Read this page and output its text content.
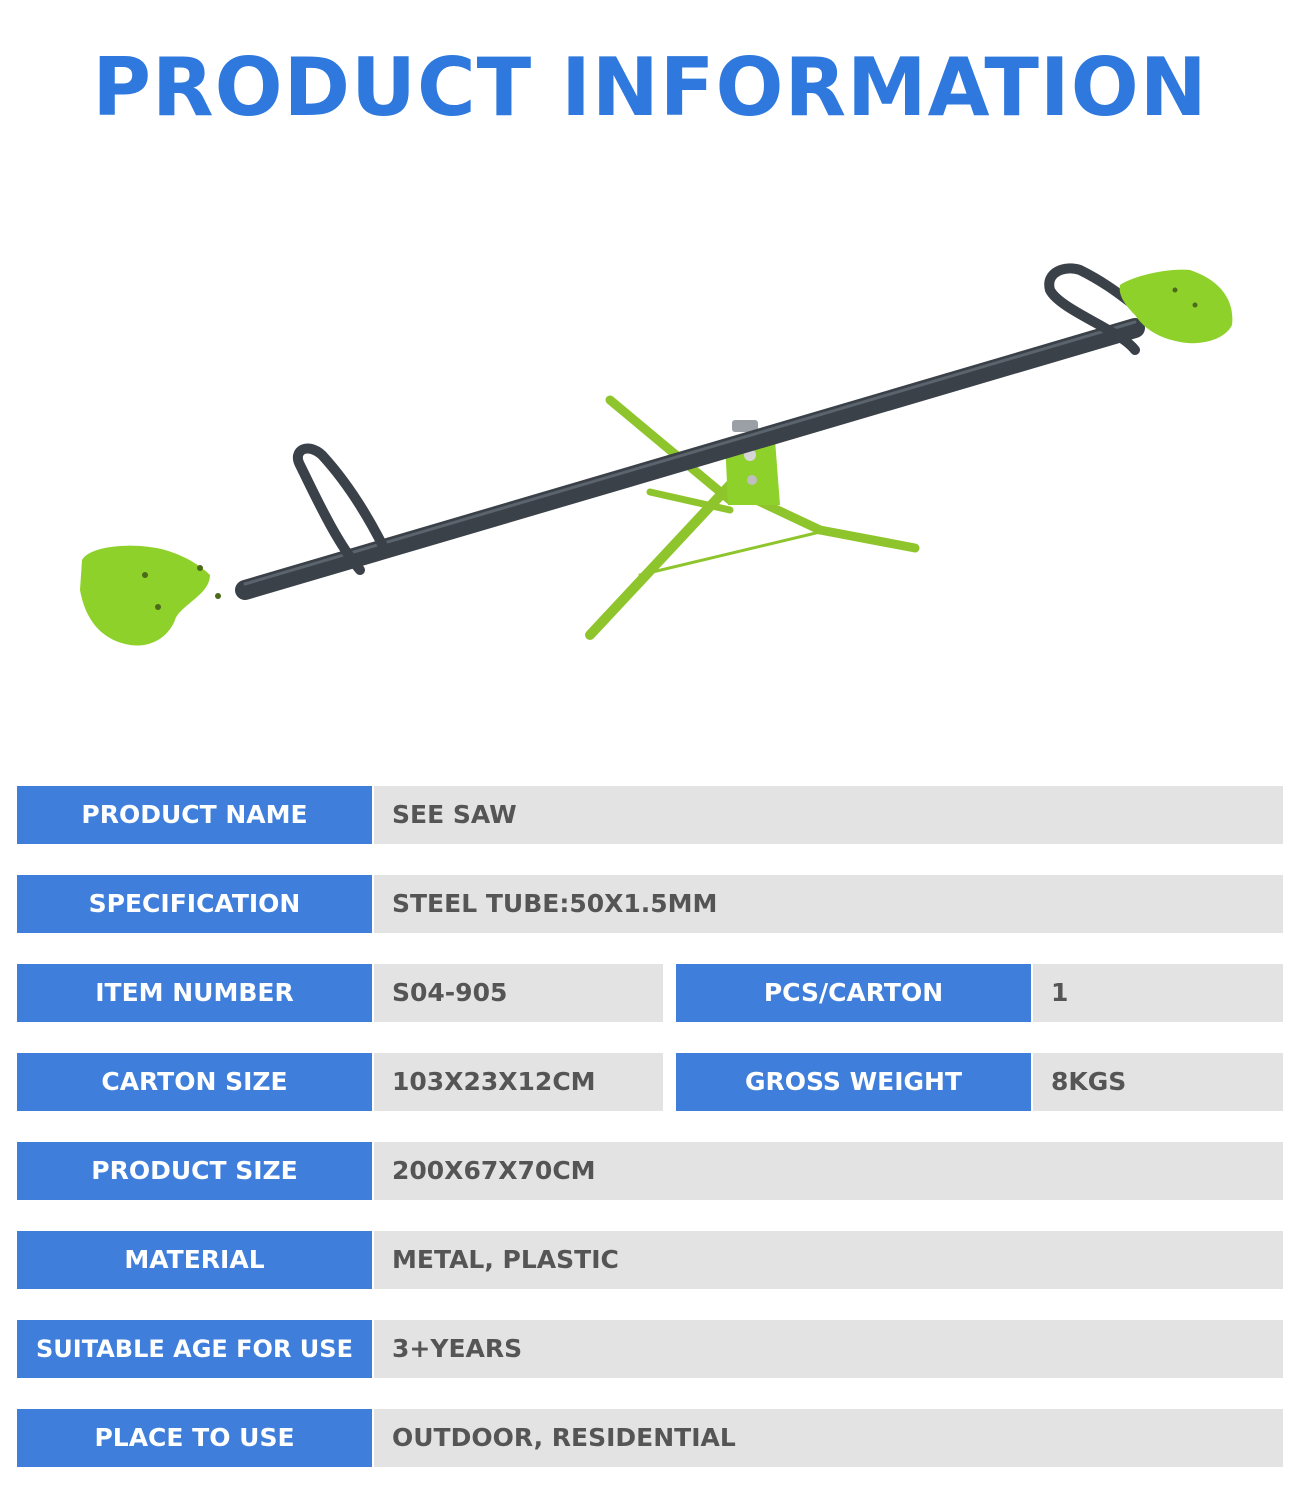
PRODUCT INFORMATION
PRODUCT NAME	SEE SAW
SPECIFICATION	STEEL TUBE:50X1.5MM
ITEM NUMBER	S04-905	PCS/CARTON	1
CARTON SIZE	103X23X12CM	GROSS WEIGHT	8KGS
PRODUCT SIZE	200X67X70CM
MATERIAL	METAL, PLASTIC
SUITABLE AGE FOR USE	3+YEARS
PLACE TO USE	OUTDOOR, RESIDENTIAL
